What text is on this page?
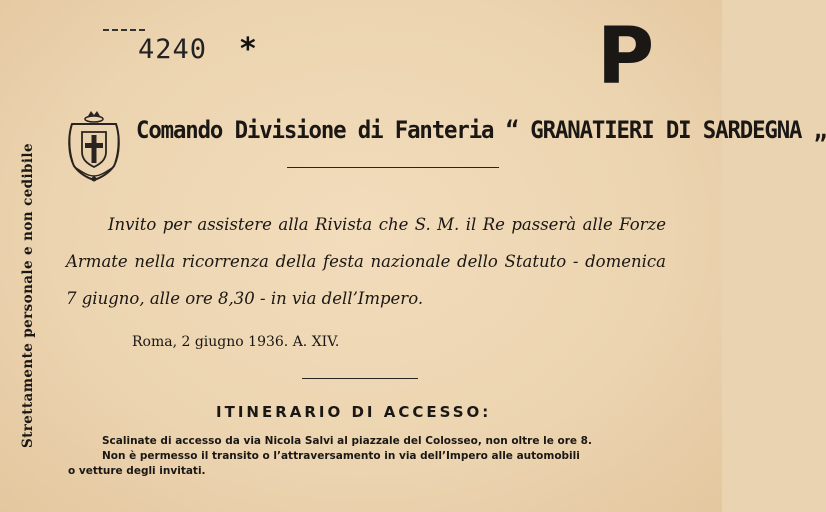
4240 *	P
Strettamente personale e non cedibile
Comando Divisione di Fanteria “ GRANATIERI DI SARDEGNA „
Invito per assistere alla Rivista che S. M. il Re passerà alle Forze Armate nella ricorrenza della festa nazionale dello Statuto - domenica 7 giugno, alle ore 8,30 - in via dell’Impero.
Roma, 2 giugno 1936. A. XIV.
ITINERARIO DI ACCESSO:
Scalinate di accesso da via Nicola Salvi al piazzale del Colosseo, non oltre le ore 8.
Non è permesso il transito o l’attraversamento in via dell’Impero alle automobili
o vetture degli invitati.
